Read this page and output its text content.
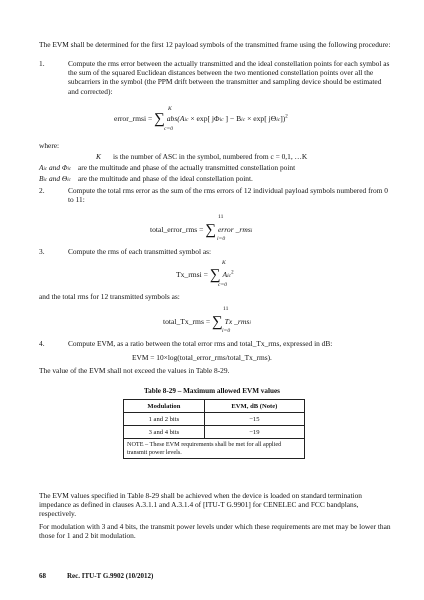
The EVM shall be determined for the first 12 payload symbols of the transmitted frame using the following procedure:
1.	Compute the rms error between the actually transmitted and the ideal constellation points for each symbol as the sum of the squared Euclidean distances between the two mentioned constellation points over all the subcarriers in the symbol (the PPM drift between the transmitter and sampling device should be estimated and corrected):
error_rmsi = ∑ abs(Aic × exp[ jΦic ] − Bic × exp[ jΘic])$^2$
K
c=0
where:
K is the number of ASC in the symbol, numbered from c = 0,1, …K
Aic and Φic are the multitude and phase of the actually transmitted constellation point
Bic and Θic are the multitude and phase of the ideal constellation point.
2.	Compute the total rms error as the sum of the rms errors of 12 individual payload symbols numbered from 0 to 11:
total_error_rms = ∑ error _rmsi
11
i=0
3.	Compute the rms of each transmitted symbol as:
Tx_rmsi = ∑ Aic$^2$
K
c=0
and the total rms for 12 transmitted symbols as:
total_Tx_rms = ∑ Tx _rmsi
11
i=0
4.	Compute EVM, as a ratio between the total error rms and total_Tx_rms, expressed in dB:
EVM = 10×log(total_error_rms/total_Tx_rms).
The value of the EVM shall not exceed the values in Table 8-29.
Table 8-29 – Maximum allowed EVM values
Modulation	EVM, dB (Note)
1 and 2 bits	−15
3 and 4 bits	−19
NOTE – These EVM requirements shall be met for all applied transmit power levels.	
The EVM values specified in Table 8-29 shall be achieved when the device is loaded on standard termination impedance as defined in clauses A.3.1.1 and A.3.1.4 of [ITU-T G.9901] for CENELEC and FCC bandplans, respectively.
For modulation with 3 and 4 bits, the transmit power levels under which these requirements are met may be lower than those for 1 and 2 bit modulation.
68	Rec. ITU-T G.9902 (10/2012)
